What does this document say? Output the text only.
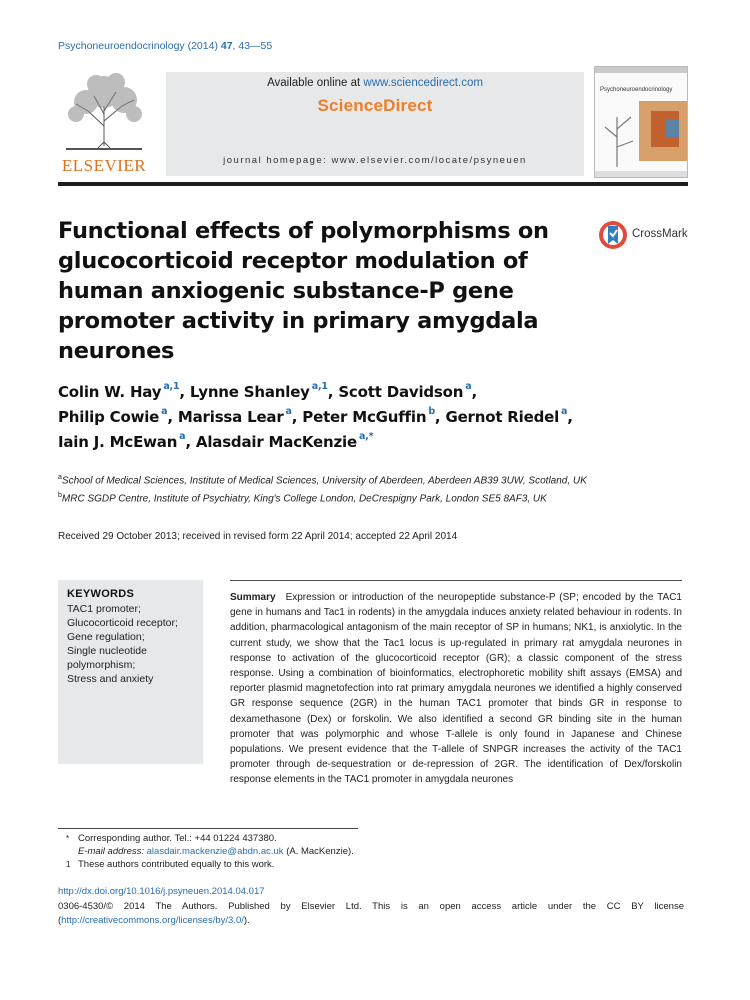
Psychoneuroendocrinology (2014) 47, 43—55
ELSEVIER
Available online at www.sciencedirect.com
ScienceDirect
journal homepage: www.elsevier.com/locate/psyneuen
Psychoneuroendocrinology
Functional effects of polymorphisms on glucocorticoid receptor modulation of human anxiogenic substance-P gene promoter activity in primary amygdala neurones
CrossMark
Colin W. Hay $^{a,1}$, Lynne Shanley $^{a,1}$, Scott Davidson $^a$,
Philip Cowie $^a$, Marissa Lear $^a$, Peter McGuffin $^b$, Gernot Riedel $^a$,
Iain J. McEwan $^a$, Alasdair MacKenzie $^{a,*}$
$^a$School of Medical Sciences, Institute of Medical Sciences, University of Aberdeen, Aberdeen AB39 3UW, Scotland, UK
$^b$MRC SGDP Centre, Institute of Psychiatry, King's College London, DeCrespigny Park, London SE5 8AF3, UK
Received 29 October 2013; received in revised form 22 April 2014; accepted 22 April 2014
KEYWORDS
TAC1 promoter;
Glucocorticoid receptor;
Gene regulation;
Single nucleotide polymorphism;
Stress and anxiety
Summary Expression or introduction of the neuropeptide substance-P (SP; encoded by the TAC1 gene in humans and Tac1 in rodents) in the amygdala induces anxiety related behaviour in rodents. In addition, pharmacological antagonism of the main receptor of SP in humans; NK1, is anxiolytic. In the current study, we show that the Tac1 locus is up-regulated in primary rat amygdala neurones in response to activation of the glucocorticoid receptor (GR); a classic component of the stress response. Using a combination of bioinformatics, electrophoretic mobility shift assays (EMSA) and reporter plasmid magnetofection into rat primary amygdala neurones we identified a highly conserved GR response sequence (2GR) in the human TAC1 promoter that binds GR in response to dexamethasone (Dex) or forskolin. We also identified a second GR binding site in the human promoter that was polymorphic and whose T-allele is only found in Japanese and Chinese populations. We present evidence that the T-allele of SNPGR increases the activity of the TAC1 promoter through de-sequestration or de-repression of 2GR. The identification of Dex/forskolin response elements in the TAC1 promoter in amygdala neurones
* Corresponding author. Tel.: +44 01224 437380.
E-mail address: alasdair.mackenzie@abdn.ac.uk (A. MacKenzie).
1 These authors contributed equally to this work.
http://dx.doi.org/10.1016/j.psyneuen.2014.04.017
0306-4530/© 2014 The Authors. Published by Elsevier Ltd. This is an open access article under the CC BY license (http://creativecommons.org/licenses/by/3.0/).
